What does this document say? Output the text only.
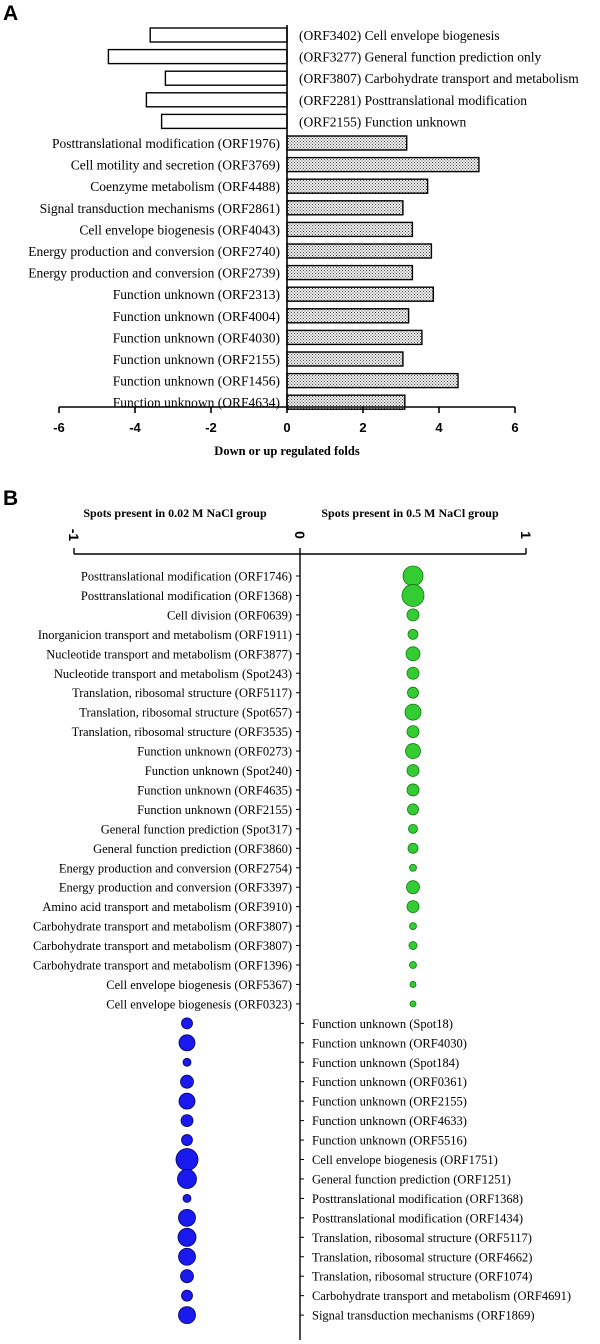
A
(ORF3402) Cell envelope biogenesis
(ORF3277) General function prediction only
(ORF3807) Carbohydrate transport and metabolism
(ORF2281) Posttranslational modification
(ORF2155) Function unknown
Posttranslational modification (ORF1976)
Cell motility and secretion (ORF3769)
Coenzyme metabolism (ORF4488)
Signal transduction mechanisms (ORF2861)
Cell envelope biogenesis (ORF4043)
Energy production and conversion (ORF2740)
Energy production and conversion (ORF2739)
Function unknown (ORF2313)
Function unknown (ORF4004)
Function unknown (ORF4030)
Function unknown (ORF2155)
Function unknown (ORF1456)
Function unknown (ORF4634)
-6	-4	-2	0	2	4	6
Down or up regulated folds
B
Spots present in 0.02 M NaCl group	Spots present in 0.5 M NaCl group
-1	0	1
Posttranslational modification (ORF1746)
Posttranslational modification (ORF1368)
Cell division (ORF0639)
Inorganicion transport and metabolism (ORF1911)
Nucleotide transport and metabolism (ORF3877)
Nucleotide transport and metabolism (Spot243)
Translation, ribosomal structure (ORF5117)
Translation, ribosomal structure (Spot657)
Translation, ribosomal structure (ORF3535)
Function unknown (ORF0273)
Function unknown (Spot240)
Function unknown (ORF4635)
Function unknown (ORF2155)
General function prediction (Spot317)
General function prediction (ORF3860)
Energy production and conversion (ORF2754)
Energy production and conversion (ORF3397)
Amino acid transport and metabolism (ORF3910)
Carbohydrate transport and metabolism (ORF3807)
Carbohydrate transport and metabolism (ORF3807)
Carbohydrate transport and metabolism (ORF1396)
Cell envelope biogenesis (ORF5367)
Cell envelope biogenesis (ORF0323)
Function unknown (Spot18)
Function unknown (ORF4030)
Function unknown (Spot184)
Function unknown (ORF0361)
Function unknown (ORF2155)
Function unknown (ORF4633)
Function unknown (ORF5516)
Cell envelope biogenesis (ORF1751)
General function prediction (ORF1251)
Posttranslational modification (ORF1368)
Posttranslational modification (ORF1434)
Translation, ribosomal structure (ORF5117)
Translation, ribosomal structure (ORF4662)
Translation, ribosomal structure (ORF1074)
Carbohydrate transport and metabolism (ORF4691)
Signal transduction mechanisms (ORF1869)
